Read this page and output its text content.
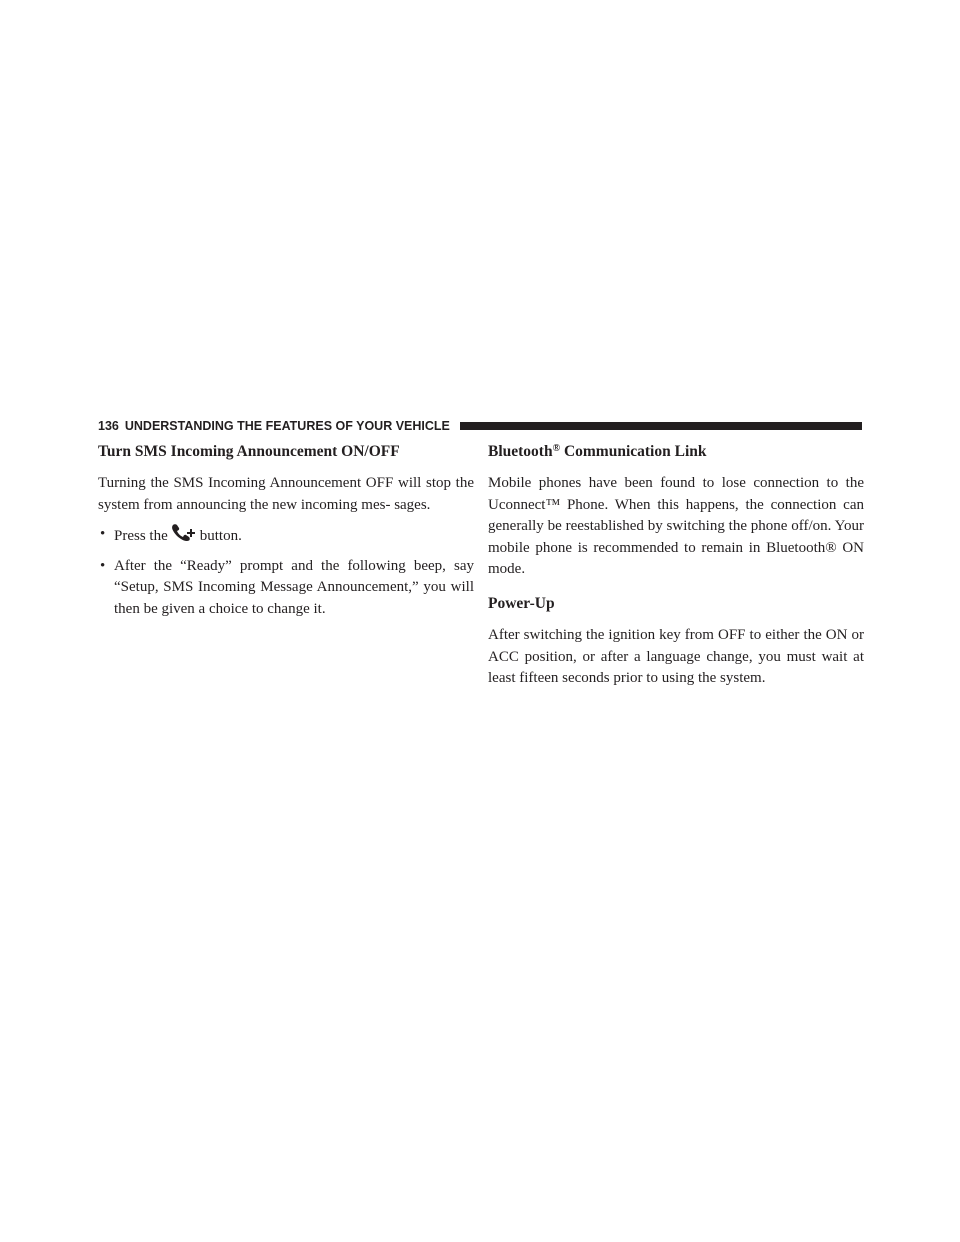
136 UNDERSTANDING THE FEATURES OF YOUR VEHICLE
Turn SMS Incoming Announcement ON/OFF

Turning the SMS Incoming Announcement OFF will stop the system from announcing the new incoming mes- sages.

• Press the button.
• After the “Ready” prompt and the following beep, say “Setup, SMS Incoming Message Announcement,” you will then be given a choice to change it.
Bluetooth® Communication Link

Mobile phones have been found to lose connection to the Uconnect™ Phone. When this happens, the connection can generally be reestablished by switching the phone off/on. Your mobile phone is recommended to remain in Bluetooth® ON mode.

Power-Up

After switching the ignition key from OFF to either the ON or ACC position, or after a language change, you must wait at least fifteen seconds prior to using the system.
